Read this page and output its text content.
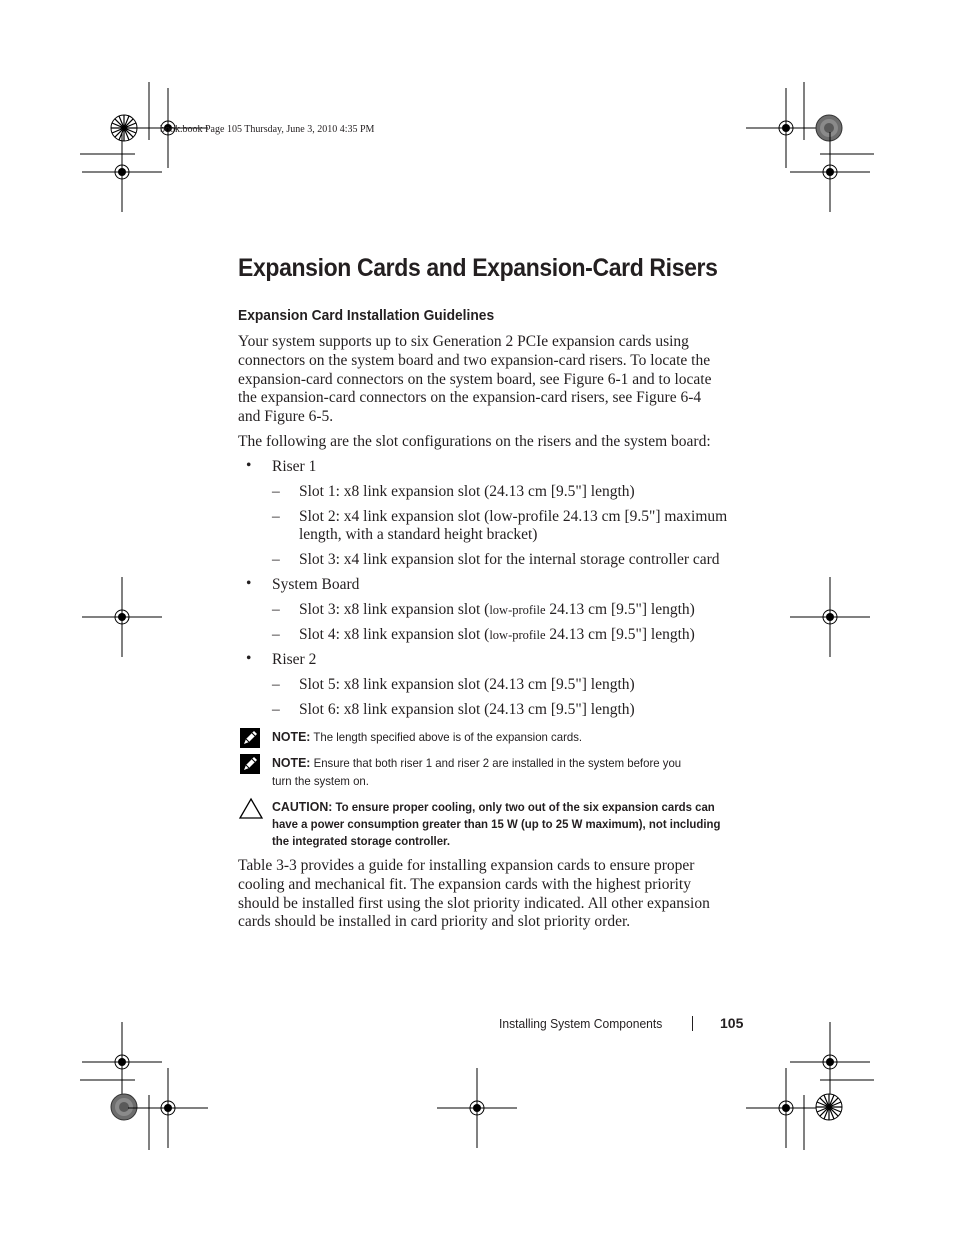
book.book Page 105 Thursday, June 3, 2010 4:35 PM
Expansion Cards and Expansion-Card Risers
Expansion Card Installation Guidelines
Your system supports up to six Generation 2 PCIe expansion cards using
connectors on the system board and two expansion-card risers. To locate the
expansion-card connectors on the system board, see Figure 6-1 and to locate
the expansion-card connectors on the expansion-card risers, see Figure 6-4
and Figure 6-5.
The following are the slot configurations on the risers and the system board:
• Riser 1
– Slot 1: x8 link expansion slot (24.13 cm [9.5"] length)
– Slot 2: x4 link expansion slot (low-profile 24.13 cm [9.5"] maximum
length, with a standard height bracket)
– Slot 3: x4 link expansion slot for the internal storage controller card
• System Board
– Slot 3: x8 link expansion slot (low-profile 24.13 cm [9.5"] length)
– Slot 4: x8 link expansion slot (low-profile 24.13 cm [9.5"] length)
• Riser 2
– Slot 5: x8 link expansion slot (24.13 cm [9.5"] length)
– Slot 6: x8 link expansion slot (24.13 cm [9.5"] length)
NOTE: The length specified above is of the expansion cards.
NOTE: Ensure that both riser 1 and riser 2 are installed in the system before you
turn the system on.
CAUTION: To ensure proper cooling, only two out of the six expansion cards can
have a power consumption greater than 15 W (up to 25 W maximum), not including
the integrated storage controller.
Table 3-3 provides a guide for installing expansion cards to ensure proper
cooling and mechanical fit. The expansion cards with the highest priority
should be installed first using the slot priority indicated. All other expansion
cards should be installed in card priority and slot priority order.
Installing System Components	105
